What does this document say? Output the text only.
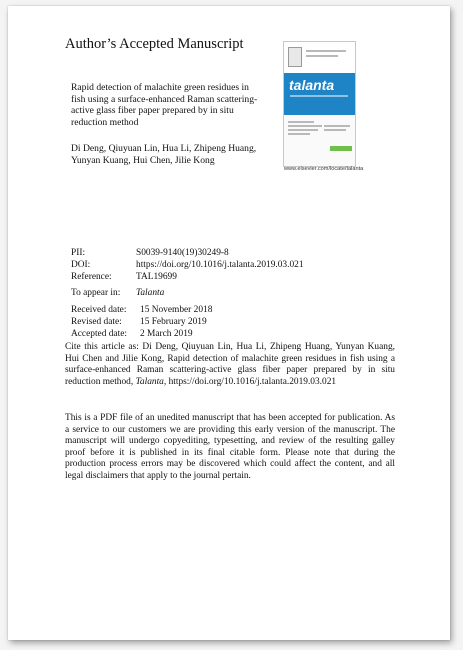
Author’s Accepted Manuscript
Rapid detection of malachite green residues in fish using a surface-enhanced Raman scattering-active glass fiber paper prepared by in situ reduction method
Di Deng, Qiuyuan Lin, Hua Li, Zhipeng Huang, Yunyan Kuang, Hui Chen, Jilie Kong
talanta
www.elsevier.com/locate/talanta
PII:	S0039-9140(19)30249-8
DOI:	https://doi.org/10.1016/j.talanta.2019.03.021
Reference:	TAL19699
To appear in: Talanta
Received date: 15 November 2018
Revised date: 15 February 2019
Accepted date: 2 March 2019
Cite this article as: Di Deng, Qiuyuan Lin, Hua Li, Zhipeng Huang, Yunyan Kuang, Hui Chen and Jilie Kong, Rapid detection of malachite green residues in fish using a surface-enhanced Raman scattering-active glass fiber paper prepared by in situ reduction method, Talanta, https://doi.org/10.1016/j.talanta.2019.03.021
This is a PDF file of an unedited manuscript that has been accepted for publication. As a service to our customers we are providing this early version of the manuscript. The manuscript will undergo copyediting, typesetting, and review of the resulting galley proof before it is published in its final citable form. Please note that during the production process errors may be discovered which could affect the content, and all legal disclaimers that apply to the journal pertain.
